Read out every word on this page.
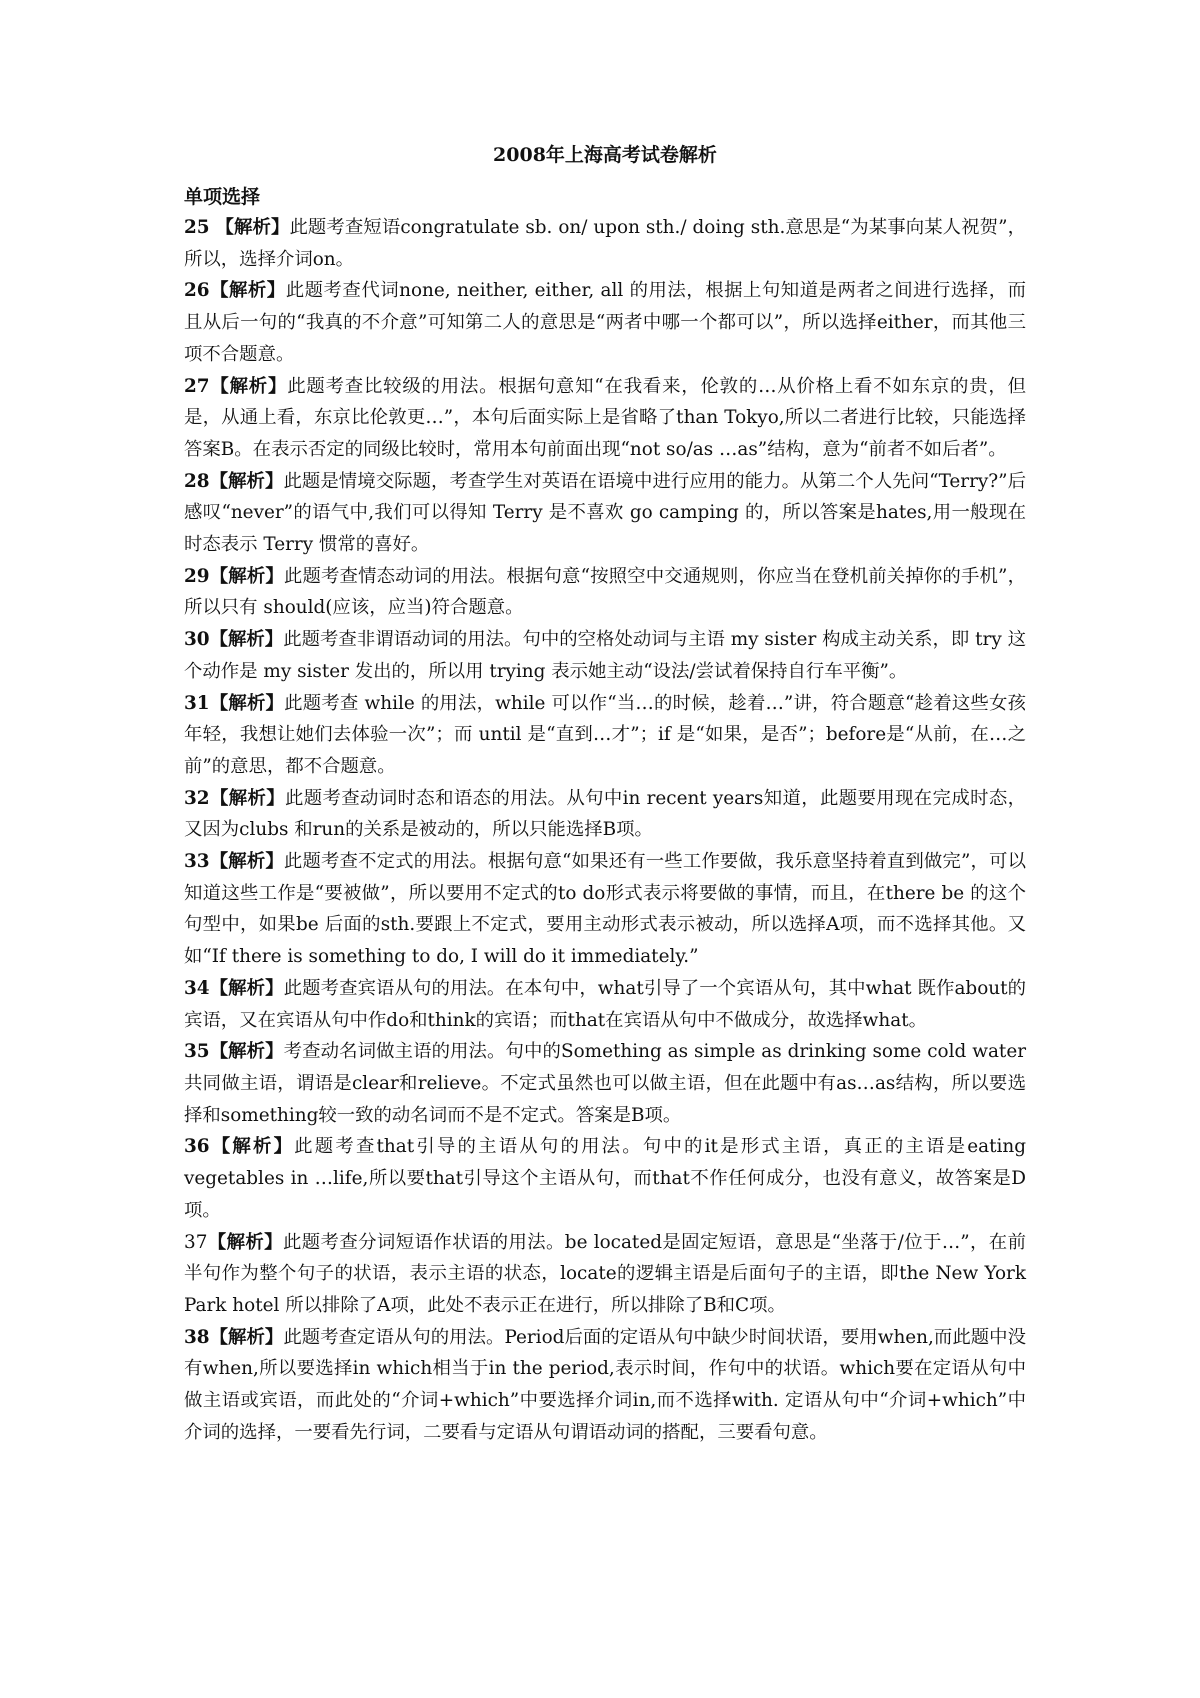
2008年上海高考试卷解析
单项选择

25 【解析】此题考查短语congratulate sb. on/ upon sth./ doing sth.意思是“为某事向某人祝贺”，所以，选择介词on。

26【解析】此题考查代词none, neither, either, all 的用法，根据上句知道是两者之间进行选择，而且从后一句的“我真的不介意”可知第二人的意思是“两者中哪一个都可以”，所以选择either，而其他三项不合题意。

27【解析】此题考查比较级的用法。根据句意知“在我看来，伦敦的…从价格上看不如东京的贵，但是，从通上看，东京比伦敦更…”，本句后面实际上是省略了than Tokyo,所以二者进行比较，只能选择答案B。在表示否定的同级比较时，常用本句前面出现“not so/as …as”结构，意为“前者不如后者”。

28【解析】此题是情境交际题，考查学生对英语在语境中进行应用的能力。从第二个人先问“Terry?”后感叹“never”的语气中,我们可以得知 Terry 是不喜欢 go camping 的，所以答案是hates,用一般现在时态表示 Terry 惯常的喜好。

29【解析】此题考查情态动词的用法。根据句意“按照空中交通规则，你应当在登机前关掉你的手机”，所以只有 should(应该，应当)符合题意。

30【解析】此题考查非谓语动词的用法。句中的空格处动词与主语 my sister 构成主动关系，即 try 这个动作是 my sister 发出的，所以用 trying 表示她主动“设法/尝试着保持自行车平衡”。

31【解析】此题考查 while 的用法，while 可以作“当…的时候，趁着…”讲，符合题意“趁着这些女孩年轻，我想让她们去体验一次”；而 until 是“直到…才”；if 是“如果，是否”；before是“从前，在…之前”的意思，都不合题意。

32【解析】此题考查动词时态和语态的用法。从句中in recent years知道，此题要用现在完成时态，又因为clubs 和run的关系是被动的，所以只能选择B项。

33【解析】此题考查不定式的用法。根据句意“如果还有一些工作要做，我乐意坚持着直到做完”，可以知道这些工作是“要被做”，所以要用不定式的to do形式表示将要做的事情，而且，在there be 的这个句型中，如果be 后面的sth.要跟上不定式，要用主动形式表示被动，所以选择A项，而不选择其他。又如“If there is something to do, I will do it immediately.”

34【解析】此题考查宾语从句的用法。在本句中，what引导了一个宾语从句，其中what 既作about的宾语，又在宾语从句中作do和think的宾语；而that在宾语从句中不做成分，故选择what。

35【解析】考查动名词做主语的用法。句中的Something as simple as drinking some cold water共同做主语，谓语是clear和relieve。不定式虽然也可以做主语，但在此题中有as…as结构，所以要选择和something较一致的动名词而不是不定式。答案是B项。

36【解析】此题考查that引导的主语从句的用法。句中的it是形式主语，真正的主语是eating vegetables in …life,所以要that引导这个主语从句，而that不作任何成分，也没有意义，故答案是D项。

37【解析】此题考查分词短语作状语的用法。be located是固定短语，意思是“坐落于/位于…”，在前半句作为整个句子的状语，表示主语的状态，locate的逻辑主语是后面句子的主语，即the New York Park hotel 所以排除了A项，此处不表示正在进行，所以排除了B和C项。

38【解析】此题考查定语从句的用法。Period后面的定语从句中缺少时间状语，要用when,而此题中没有when,所以要选择in which相当于in the period,表示时间，作句中的状语。which要在定语从句中做主语或宾语，而此处的“介词+which”中要选择介词in,而不选择with. 定语从句中“介词+which”中介词的选择，一要看先行词，二要看与定语从句谓语动词的搭配，三要看句意。
